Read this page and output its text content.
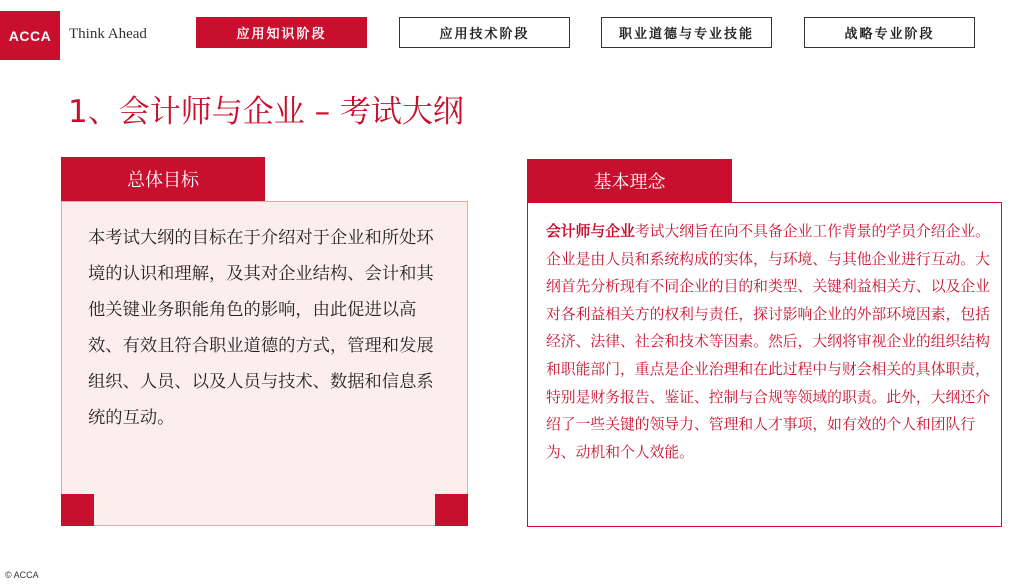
ACCA Think Ahead	应用知识阶段	应用技术阶段	职业道德与专业技能	战略专业阶段
1、会计师与企业 – 考试大纲
总体目标
本考试大纲的目标在于介绍对于企业和所处环境的认识和理解，及其对企业结构、会计和其他关键业务职能角色的影响，由此促进以高效、有效且符合职业道德的方式，管理和发展组织、人员、以及人员与技术、数据和信息系统的互动。
基本理念
会计师与企业考试大纲旨在向不具备企业工作背景的学员介绍企业。企业是由人员和系统构成的实体，与环境、与其他企业进行互动。大纲首先分析现有不同企业的目的和类型、关键利益相关方、以及企业对各利益相关方的权利与责任，探讨影响企业的外部环境因素，包括经济、法律、社会和技术等因素。然后，大纲将审视企业的组织结构和职能部门，重点是企业治理和在此过程中与财会相关的具体职责，特别是财务报告、鉴证、控制与合规等领域的职责。此外，大纲还介绍了一些关键的领导力、管理和人才事项，如有效的个人和团队行为、动机和个人效能。
© ACCA
